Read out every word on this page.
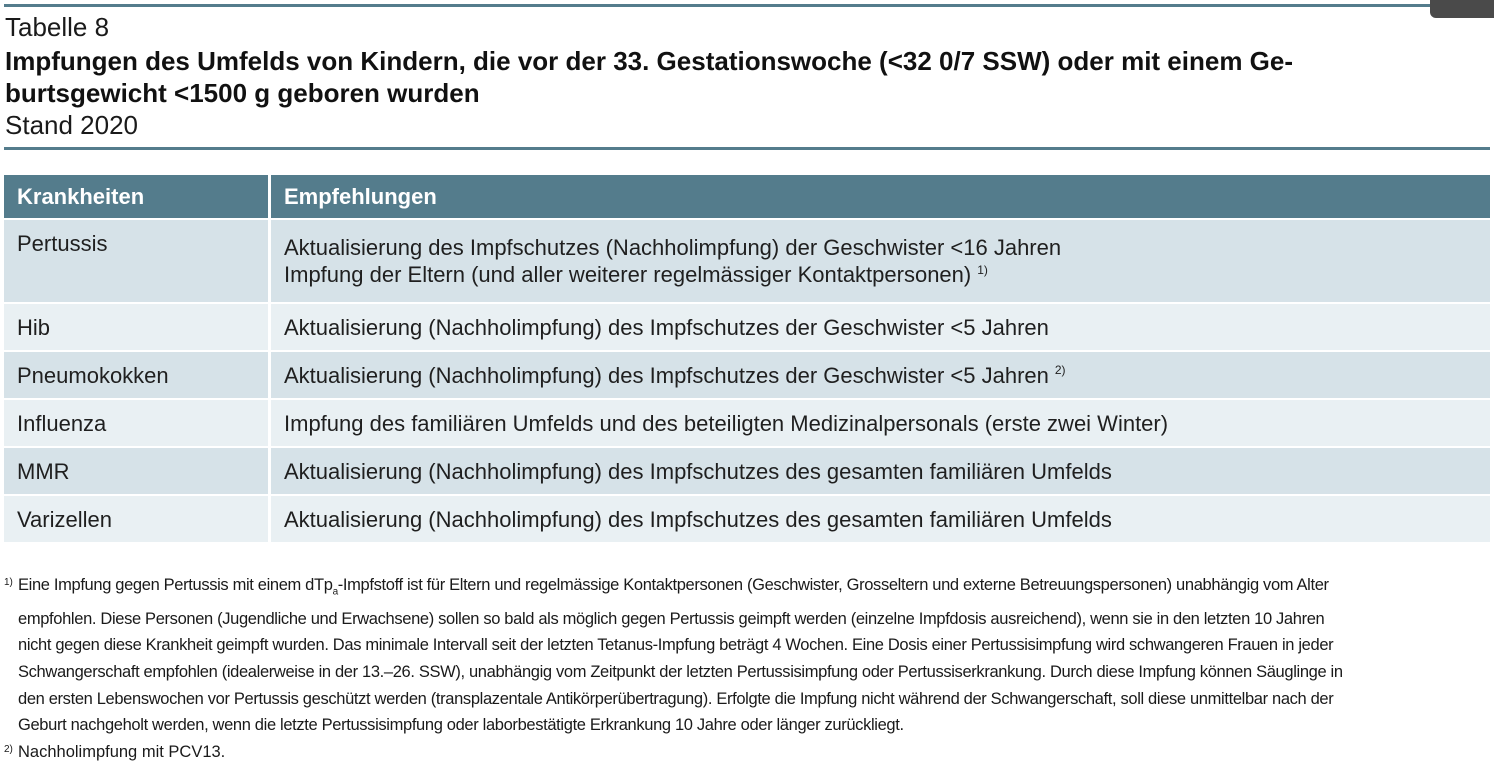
Tabelle 8
Impfungen des Umfelds von Kindern, die vor der 33. Gestationswoche (<32 0/7 SSW) oder mit einem Ge-
burtsgewicht <1500 g geboren wurden
Stand 2020
Krankheiten	Empfehlungen
Pertussis	Aktualisierung des Impfschutzes (Nachholimpfung) der Geschwister <16 Jahren
Impfung der Eltern (und aller weiterer regelmässiger Kontaktpersonen) $^{1)}$

Hib	Aktualisierung (Nachholimpfung) des Impfschutzes der Geschwister <5 Jahren
Pneumokokken	Aktualisierung (Nachholimpfung) des Impfschutzes der Geschwister <5 Jahren $^{2)}$
Influenza	Impfung des familiären Umfelds und des beteiligten Medizinalpersonals (erste zwei Winter)
MMR	Aktualisierung (Nachholimpfung) des Impfschutzes des gesamten familiären Umfelds
Varizellen	Aktualisierung (Nachholimpfung) des Impfschutzes des gesamten familiären Umfelds
1) Eine Impfung gegen Pertussis mit einem dTp$_a$-Impfstoff ist für Eltern und regelmässige Kontaktpersonen (Geschwister, Grosseltern und externe Betreuungspersonen) unabhängig vom Alter
empfohlen. Diese Personen (Jugendliche und Erwachsene) sollen so bald als möglich gegen Pertussis geimpft werden (einzelne Impfdosis ausreichend), wenn sie in den letzten 10 Jahren
nicht gegen diese Krankheit geimpft wurden. Das minimale Intervall seit der letzten Tetanus-Impfung beträgt 4 Wochen. Eine Dosis einer Pertussisimpfung wird schwangeren Frauen in jeder
Schwangerschaft empfohlen (idealerweise in der 13.–26. SSW), unabhängig vom Zeitpunkt der letzten Pertussisimpfung oder Pertussiserkrankung. Durch diese Impfung können Säuglinge in
den ersten Lebenswochen vor Pertussis geschützt werden (transplazentale Antikörperübertragung). Erfolgte die Impfung nicht während der Schwangerschaft, soll diese unmittelbar nach der
Geburt nachgeholt werden, wenn die letzte Pertussisimpfung oder laborbestätigte Erkrankung 10 Jahre oder länger zurückliegt.
2) Nachholimpfung mit PCV13.
